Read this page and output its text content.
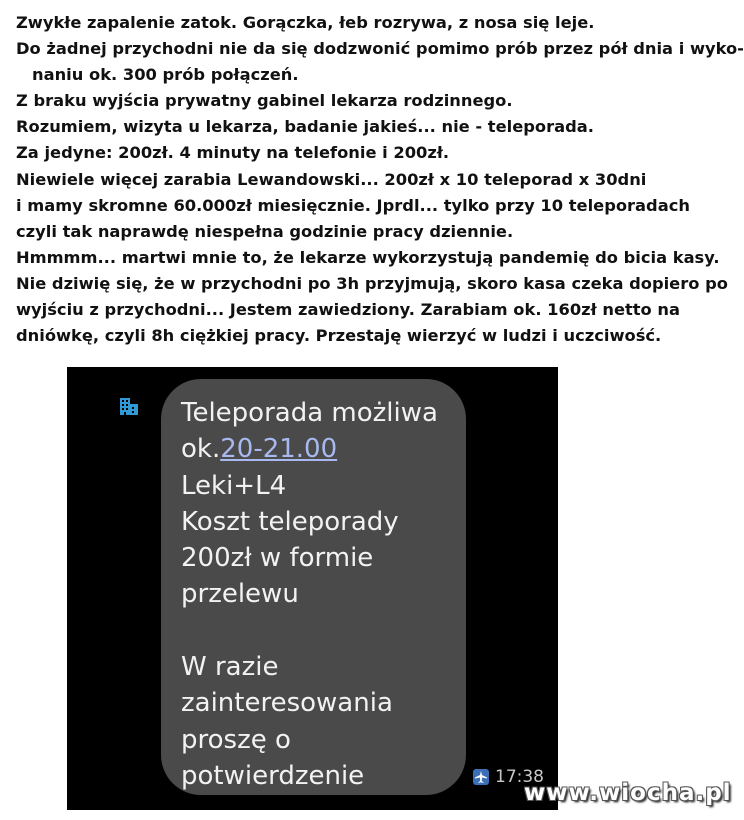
Zwykłe zapalenie zatok. Gorączka, łeb rozrywa, z nosa się leje.

Do żadnej przychodni nie da się dodzwonić pomimo prób przez pół dnia i wyko-

naniu ok. 300 prób połączeń.

Z braku wyjścia prywatny gabinel lekarza rodzinnego.

Rozumiem, wizyta u lekarza, badanie jakieś... nie - teleporada.

Za jedyne: 200zł. 4 minuty na telefonie i 200zł.

Niewiele więcej zarabia Lewandowski... 200zł x 10 teleporad x 30dni

i mamy skromne 60.000zł miesięcznie. Jprdl... tylko przy 10 teleporadach

czyli tak naprawdę niespełna godzinie pracy dziennie.

Hmmmm... martwi mnie to, że lekarze wykorzystują pandemię do bicia kasy.

Nie dziwię się, że w przychodni po 3h przyjmują, skoro kasa czeka dopiero po

wyjściu z przychodni... Jestem zawiedziony. Zarabiam ok. 160zł netto na

dniówkę, czyli 8h ciężkiej pracy. Przestaję wierzyć w ludzi i uczciwość.

Teleporada możliwa
ok.20-21.00
Leki+L4
Koszt teleporady
200zł w formie
przelewu
W razie
zainteresowania
proszę o
potwierdzenie	17:38
www.wiocha.pl
